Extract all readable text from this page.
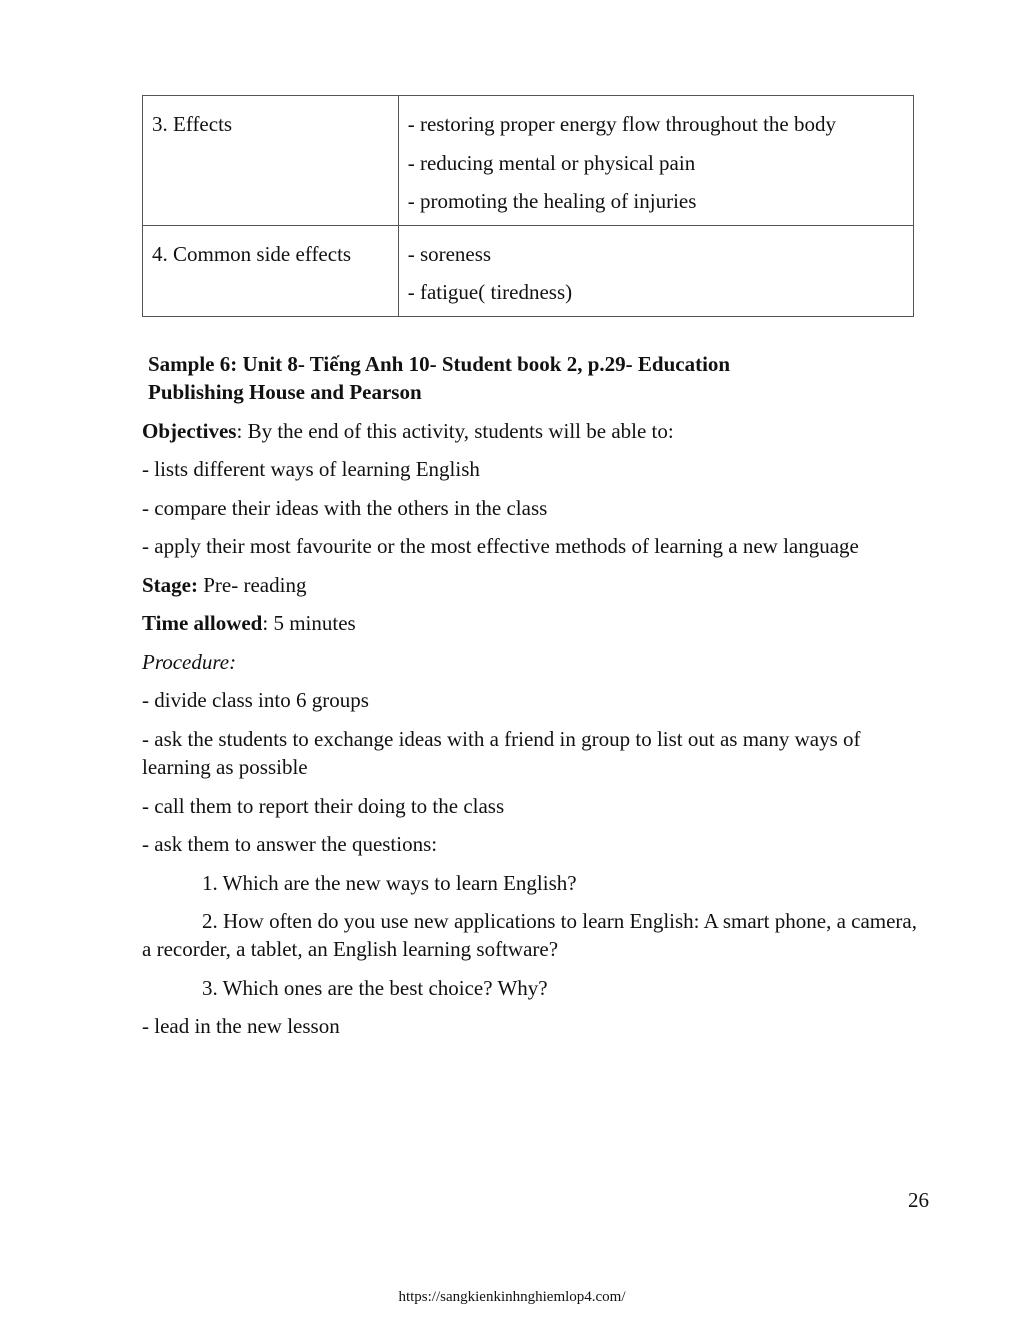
3. Effects	- restoring proper energy flow throughout the body
- reducing mental or physical pain
- promoting the healing of injuries

4. Common side effects	- soreness
- fatigue( tiredness)
Sample 6: Unit 8- Tiếng Anh 10- Student book 2, p.29- Education
Publishing House and Pearson
Objectives: By the end of this activity, students will be able to:
- lists different ways of learning English
- compare their ideas with the others in the class
- apply their most favourite or the most effective methods of learning a new language
Stage: Pre- reading
Time allowed: 5 minutes
Procedure:
- divide class into 6 groups
- ask the students to exchange ideas with a friend in group to list out as many ways of learning as possible
- call them to report their doing to the class
- ask them to answer the questions:
1. Which are the new ways to learn English?
2. How often do you use new applications to learn English: A smart phone, a camera, a recorder, a tablet, an English learning software?
3. Which ones are the best choice? Why?
- lead in the new lesson
26
https://sangkienkinhnghiemlop4.com/
